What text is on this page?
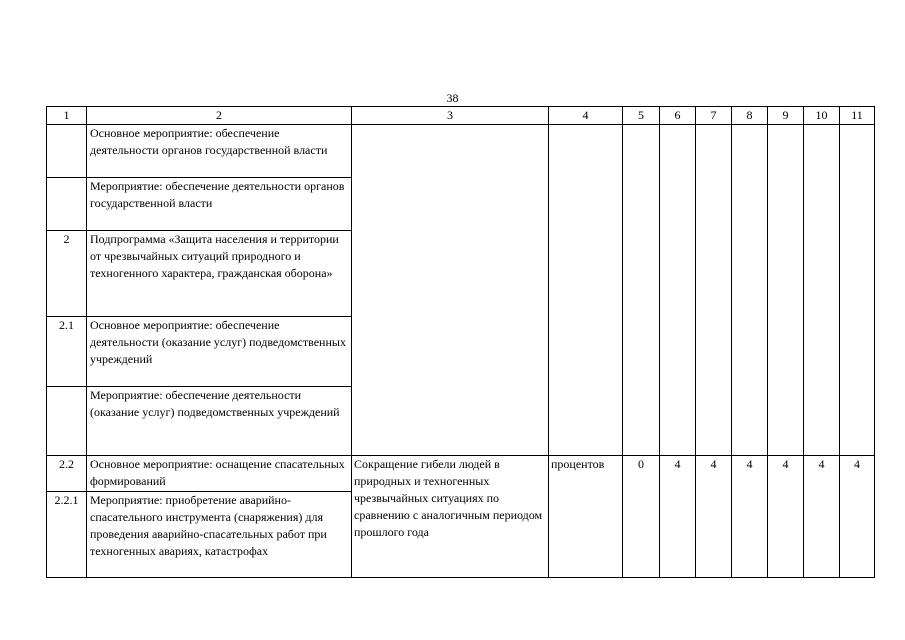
38
1	2	3	4	5	6	7	8	9	10	11
	Основное мероприятие: обеспечение деятельности органов государственной власти									
	Мероприятие: обеспечение деятельности органов государственной власти									
2	Подпрограмма «Защита населения и территории от чрезвычайных ситуаций природного и техногенного характера, гражданская оборона»									
2.1	Основное мероприятие: обеспечение деятельности (оказание услуг) подведомственных учреждений									
	Мероприятие: обеспечение деятельности (оказание услуг) подведомственных учреждений									
2.2	Основное мероприятие: оснащение спасательных формирований	Сокращение гибели людей в природных и техногенных чрезвычайных ситуациях по сравнению с аналогичным периодом прошлого года	процентов	0	4	4	4	4	4	4
2.2.1	Мероприятие: приобретение аварийно-спасательного инструмента (снаряжения) для проведения аварийно-спасательных работ при техногенных авариях, катастрофах									
